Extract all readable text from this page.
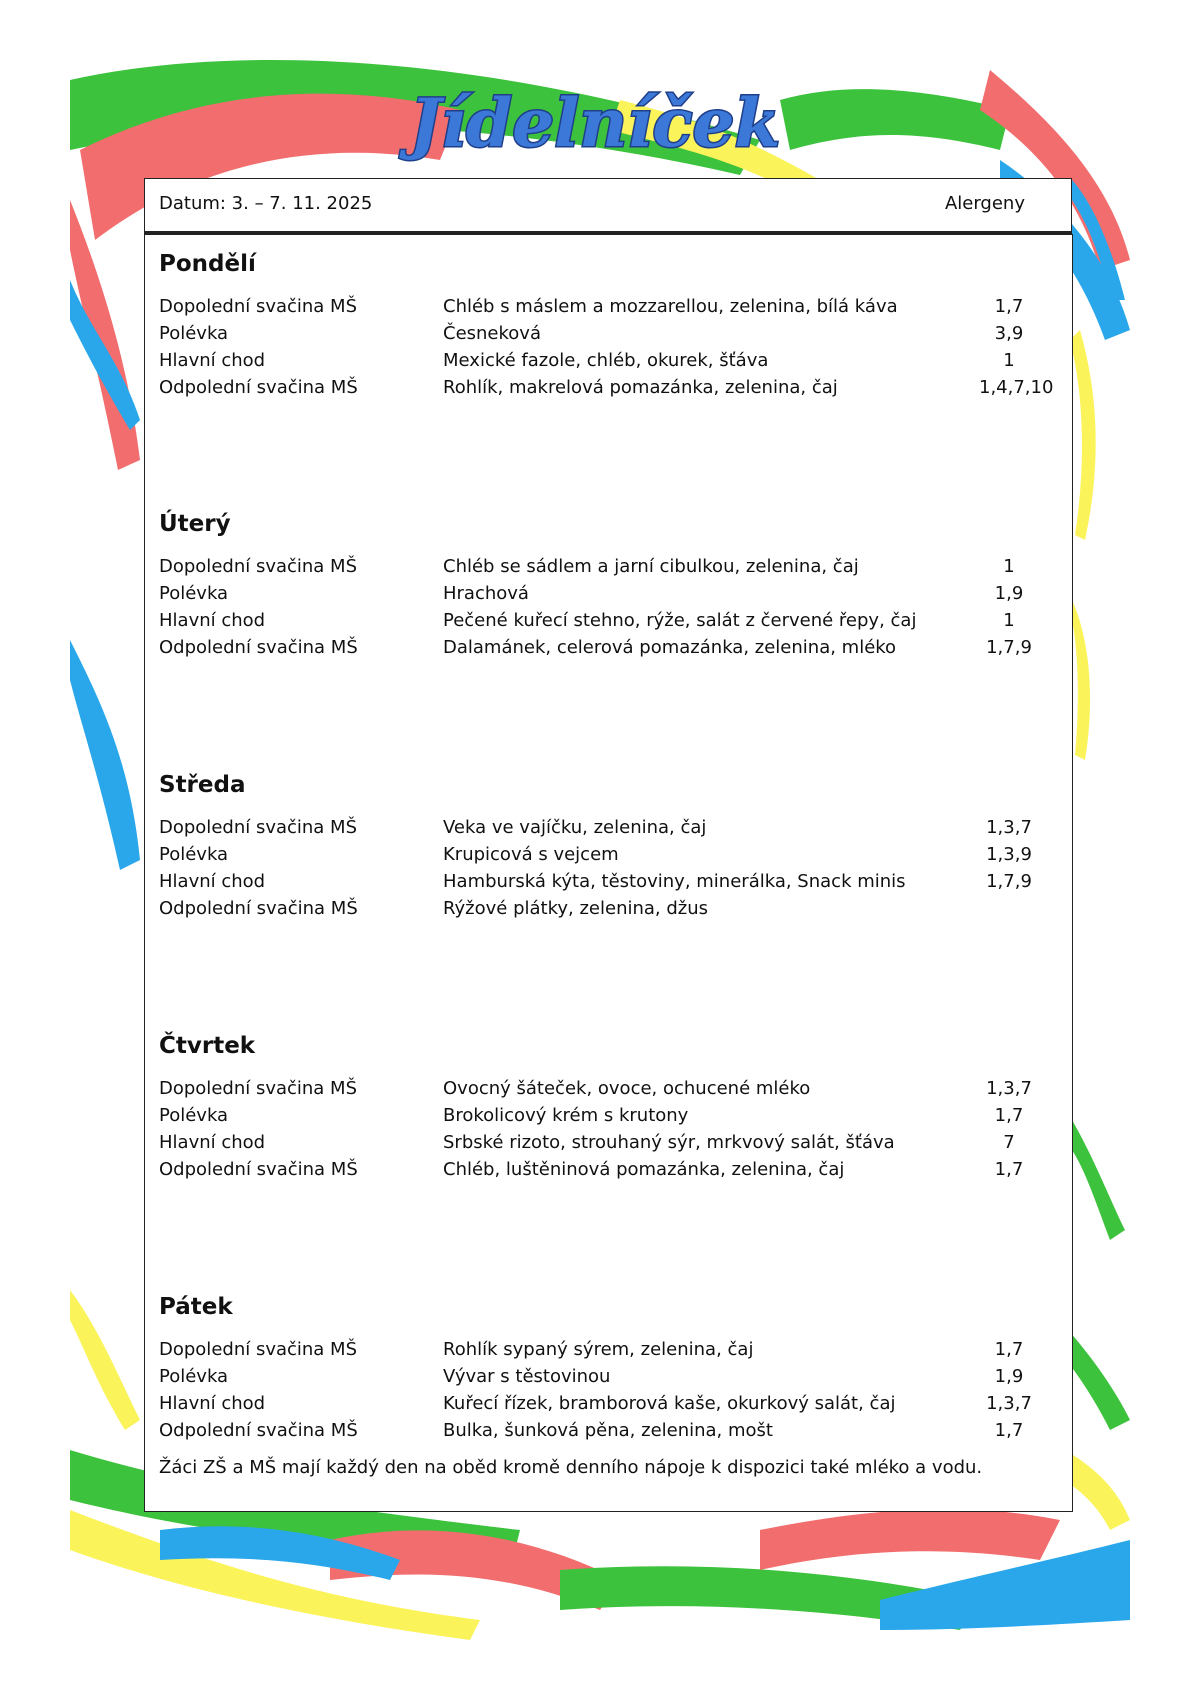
Jídelníček
Datum: 3. – 7. 11. 2025	Alergeny
Pondělí
Dopolední svačina MŠ	Chléb s máslem a mozzarellou, zelenina, bílá káva	1,7
Polévka	Česneková	3,9
Hlavní chod	Mexické fazole, chléb, okurek, šťáva	1
Odpolední svačina MŠ	Rohlík, makrelová pomazánka, zelenina, čaj	1,4,7,10
Úterý
Dopolední svačina MŠ	Chléb se sádlem a jarní cibulkou, zelenina, čaj	1
Polévka	Hrachová	1,9
Hlavní chod	Pečené kuřecí stehno, rýže, salát z červené řepy, čaj	1
Odpolední svačina MŠ	Dalamánek, celerová pomazánka, zelenina, mléko	1,7,9
Středa
Dopolední svačina MŠ	Veka ve vajíčku, zelenina, čaj	1,3,7
Polévka	Krupicová s vejcem	1,3,9
Hlavní chod	Hamburská kýta, těstoviny, minerálka, Snack minis	1,7,9
Odpolední svačina MŠ	Rýžové plátky, zelenina, džus
Čtvrtek
Dopolední svačina MŠ	Ovocný šáteček, ovoce, ochucené mléko	1,3,7
Polévka	Brokolicový krém s krutony	1,7
Hlavní chod	Srbské rizoto, strouhaný sýr, mrkvový salát, šťáva	7
Odpolední svačina MŠ	Chléb, luštěninová pomazánka, zelenina, čaj	1,7
Pátek
Dopolední svačina MŠ	Rohlík sypaný sýrem, zelenina, čaj	1,7
Polévka	Vývar s těstovinou	1,9
Hlavní chod	Kuřecí řízek, bramborová kaše, okurkový salát, čaj	1,3,7
Odpolední svačina MŠ	Bulka, šunková pěna, zelenina, mošt	1,7
Žáci ZŠ a MŠ mají každý den na oběd kromě denního nápoje k dispozici také mléko a vodu.
